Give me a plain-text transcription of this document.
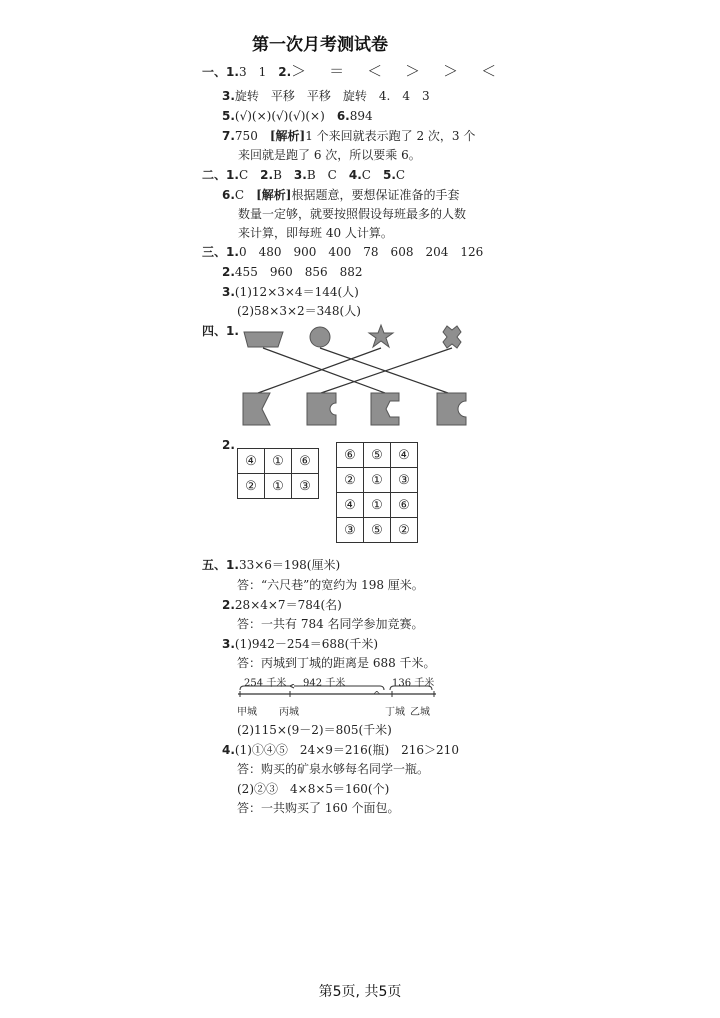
第一次月考测试卷
一、1.3　1　 2.＞　＝　＜　＞　＞　＜
3.旋转　平移　平移　旋转　4.　4　3
5.(√)(×)(√)(√)(×)　 6.894
7.750　[解析]1 个来回就表示跑了 2 次，3 个
来回就是跑了 6 次，所以要乘 6。
二、1.C　 2.B　 3.B　C　 4.C　 5.C
6.C　[解析]根据题意，要想保证准备的手套
数量一定够，就要按照假设每班最多的人数
来计算，即每班 40 人计算。
三、1.0　480　900　400　78　608　204　126
2.455　960　856　882
3.(1)12×3×4＝144(人)
(2)58×3×2＝348(人)
四、1.
2.
④	①	⑥
②	①	③
⑥	⑤	④
②	①	③
④	①	⑥
③	⑤	②
五、1.33×6＝198(厘米)
答：“六尺巷”的宽约为 198 厘米。
2.28×4×7＝784(名)
答：一共有 784 名同学参加竞赛。
3.(1)942－254＝688(千米)
答：丙城到丁城的距离是 688 千米。
254 千米 942 千米	136 千米
^
甲城 丙城	丁城 乙城
(2)115×(9－2)＝805(千米)
4.(1)①④⑤　24×9＝216(瓶)　216＞210
答：购买的矿泉水够每名同学一瓶。
(2)②③　4×8×5＝160(个)
答：一共购买了 160 个面包。
第5页, 共5页
